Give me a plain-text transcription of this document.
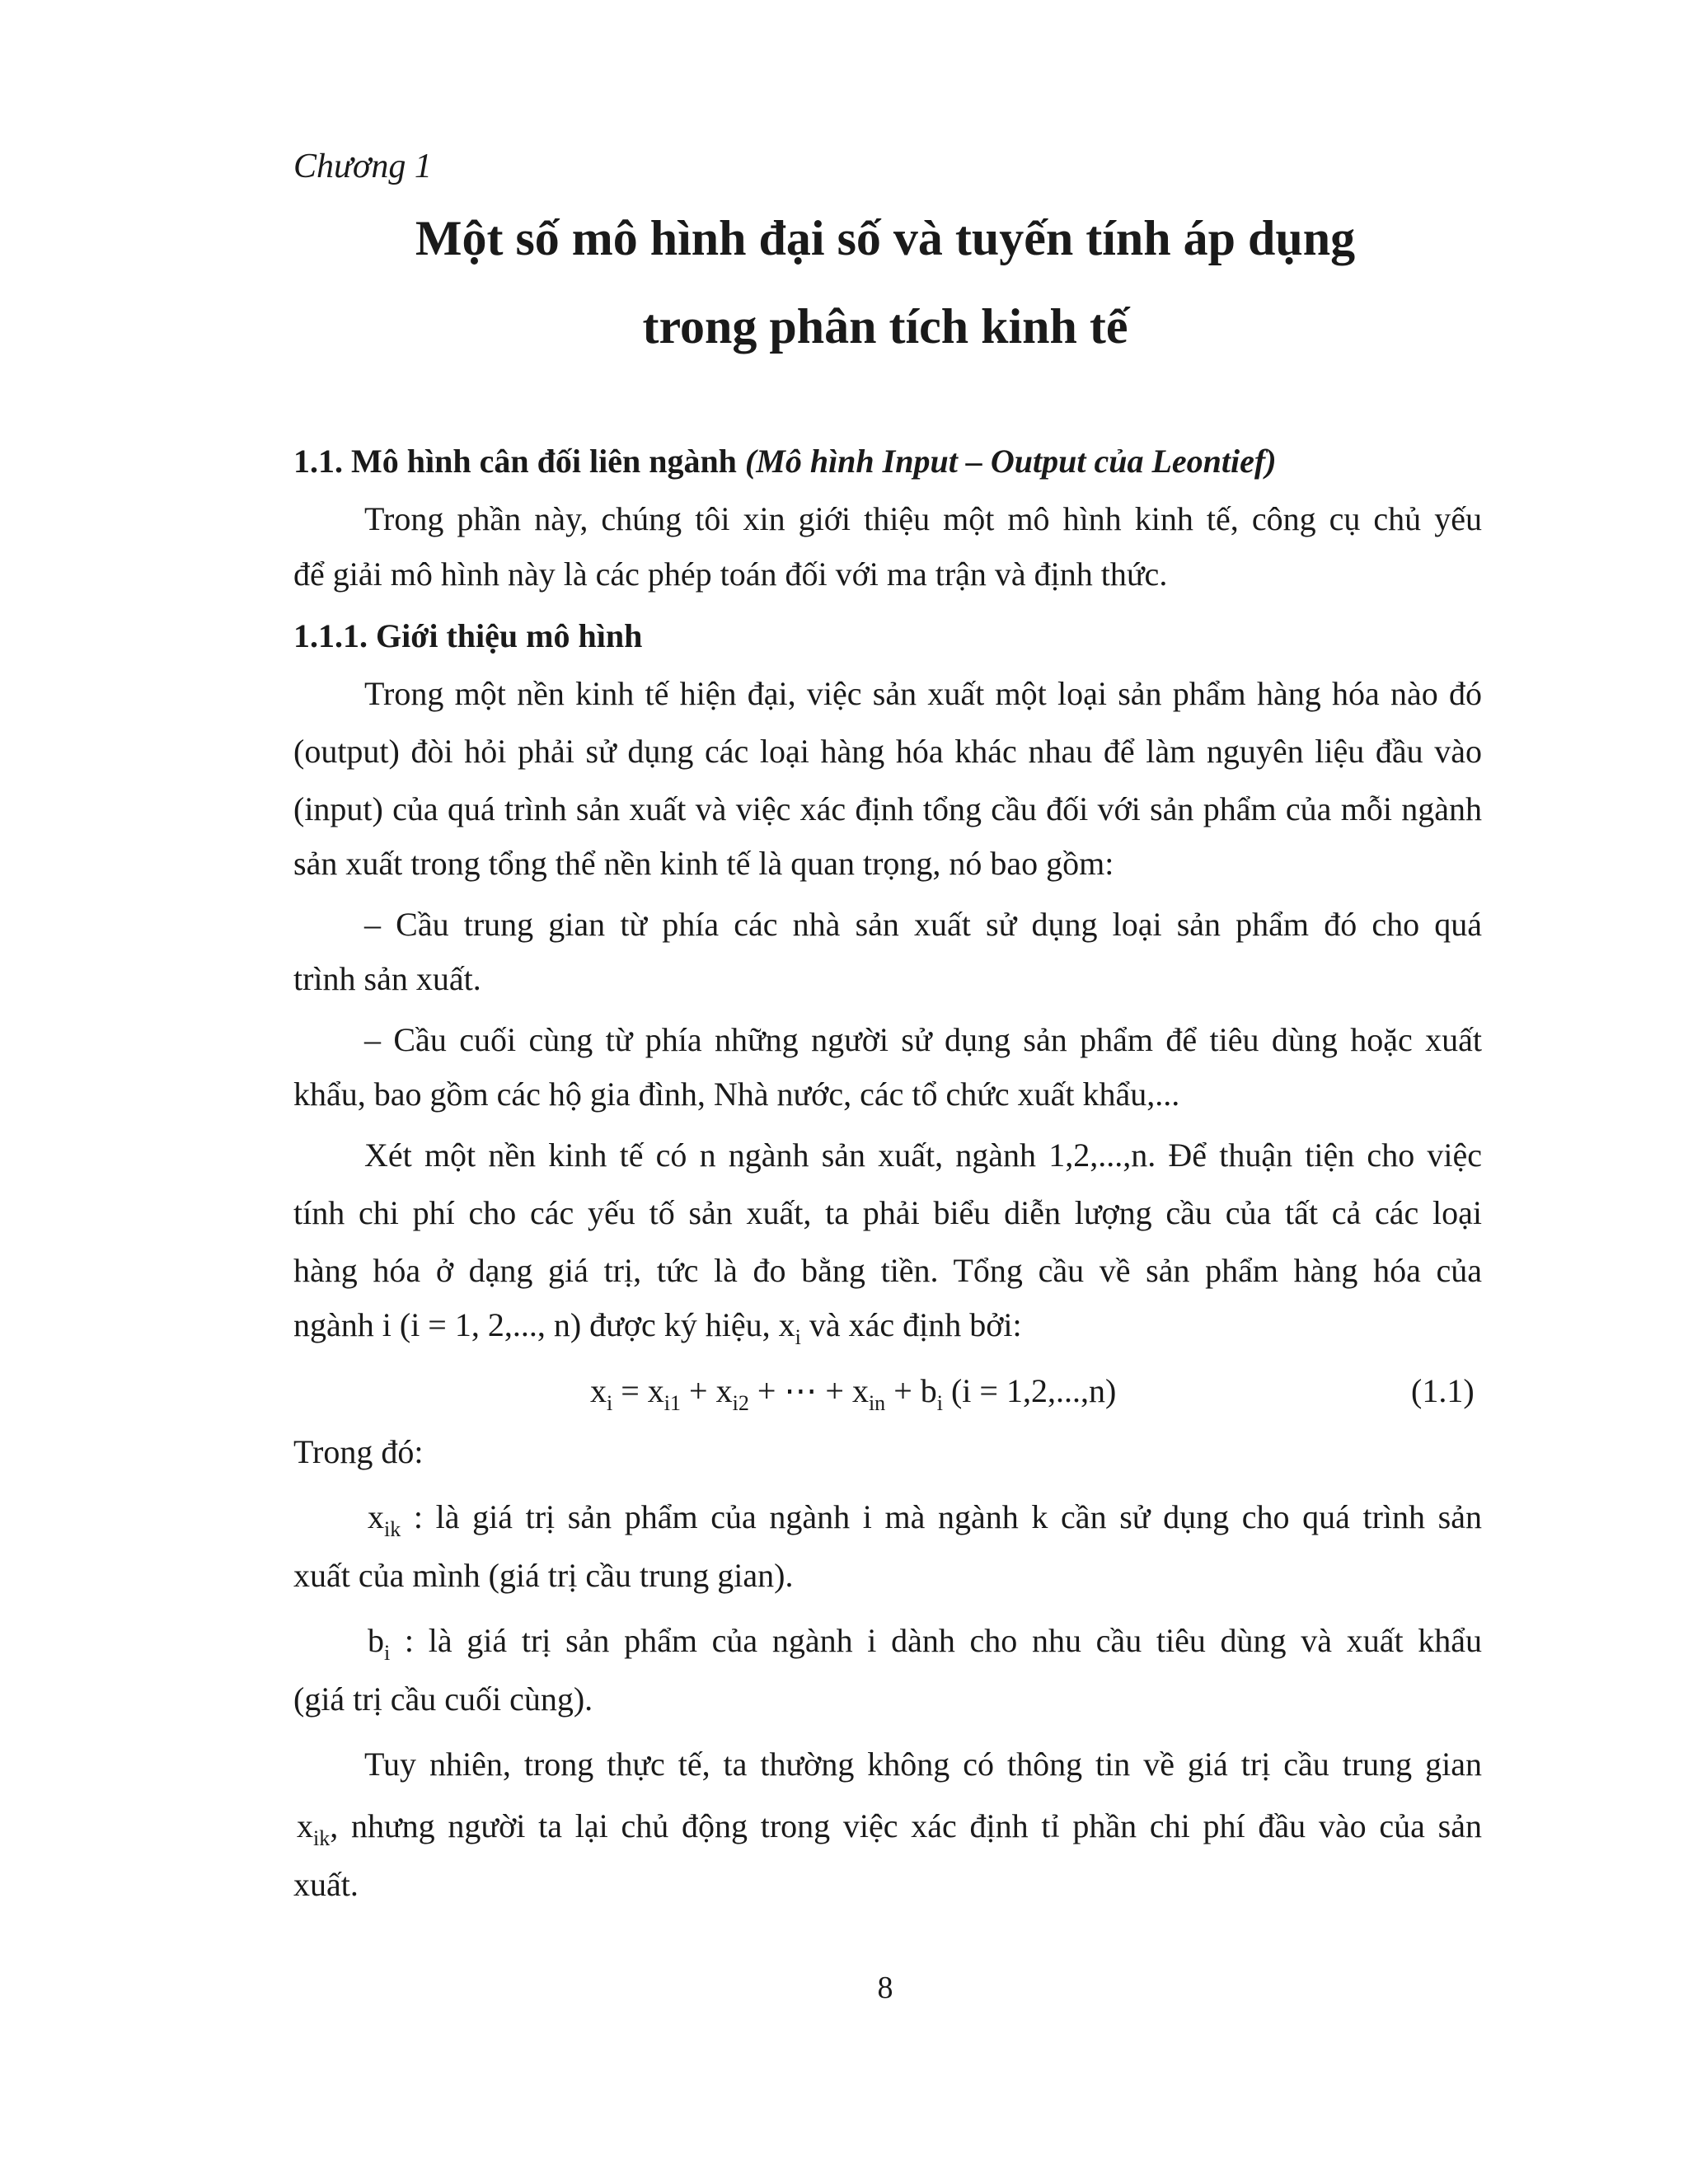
Chương 1
Một số mô hình đại số và tuyến tính áp dụng
trong phân tích kinh tế
1.1. Mô hình cân đối liên ngành (Mô hình Input – Output của Leontief)
Trong phần này, chúng tôi xin giới thiệu một mô hình kinh tế, công cụ chủ yếu
để giải mô hình này là các phép toán đối với ma trận và định thức.
1.1.1. Giới thiệu mô hình
Trong một nền kinh tế hiện đại, việc sản xuất một loại sản phẩm hàng hóa nào đó
(output) đòi hỏi phải sử dụng các loại hàng hóa khác nhau để làm nguyên liệu đầu vào
(input) của quá trình sản xuất và việc xác định tổng cầu đối với sản phẩm của mỗi ngành
sản xuất trong tổng thể nền kinh tế là quan trọng, nó bao gồm:
– Cầu trung gian từ phía các nhà sản xuất sử dụng loại sản phẩm đó cho quá
trình sản xuất.
– Cầu cuối cùng từ phía những người sử dụng sản phẩm để tiêu dùng hoặc xuất
khẩu, bao gồm các hộ gia đình, Nhà nước, các tổ chức xuất khẩu,...
Xét một nền kinh tế có n ngành sản xuất, ngành 1,2,...,n. Để thuận tiện cho việc
tính chi phí cho các yếu tố sản xuất, ta phải biểu diễn lượng cầu của tất cả các loại
hàng hóa ở dạng giá trị, tức là đo bằng tiền. Tổng cầu về sản phẩm hàng hóa của
ngành i (i = 1, 2,..., n) được ký hiệu, $x_i$ và xác định bởi:
$x_i = x_{i1} + x_{i2}$ + ⋯ + $x_{in} + b_i$ (i = 1,2,...,n)	(1.1)
Trong đó:
$x_{ik}$ : là giá trị sản phẩm của ngành i mà ngành k cần sử dụng cho quá trình sản
xuất của mình (giá trị cầu trung gian).
$b_i$ : là giá trị sản phẩm của ngành i dành cho nhu cầu tiêu dùng và xuất khẩu
(giá trị cầu cuối cùng).
Tuy nhiên, trong thực tế, ta thường không có thông tin về giá trị cầu trung gian
$x_{ik}$, nhưng người ta lại chủ động trong việc xác định tỉ phần chi phí đầu vào của sản
xuất.
8
